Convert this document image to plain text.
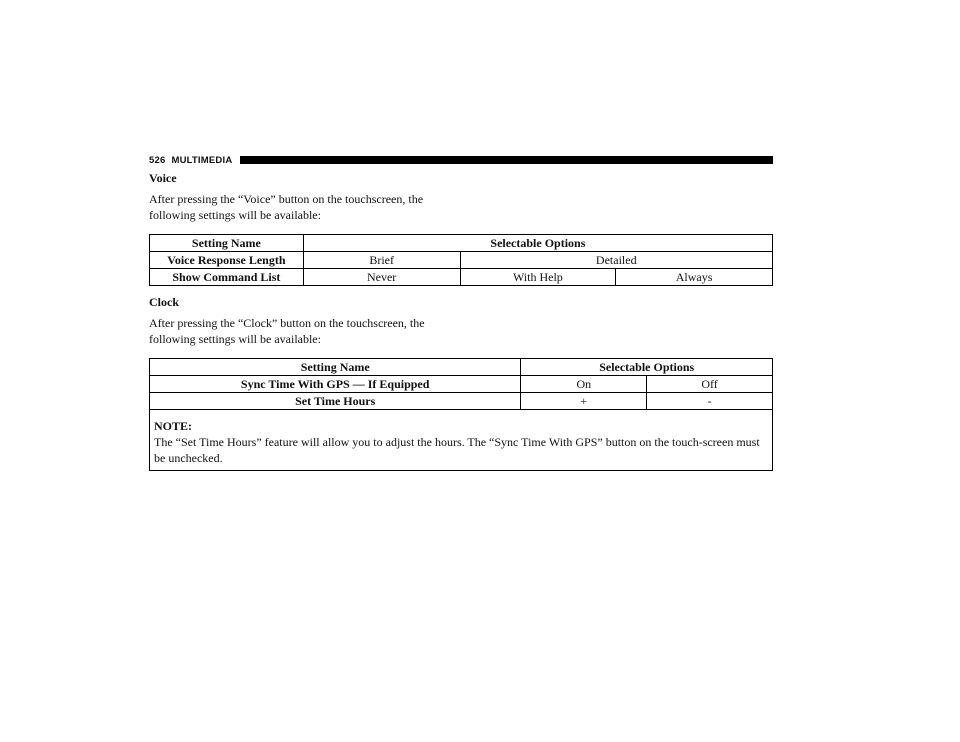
526 MULTIMEDIA
Voice
After pressing the “Voice” button on the touchscreen, the following settings will be available:
Setting Name	Selectable Options		
Voice Response Length	Brief	Detailed	
Show Command List	Never	With Help	Always
Clock
After pressing the “Clock” button on the touchscreen, the following settings will be available:
Setting Name	Selectable Options	
Sync Time With GPS — If Equipped	On	Off
Set Time Hours	+	-

NOTE:
The “Set Time Hours” feature will allow you to adjust the hours. The “Sync Time With GPS” button on the touch-screen must be unchecked.		
